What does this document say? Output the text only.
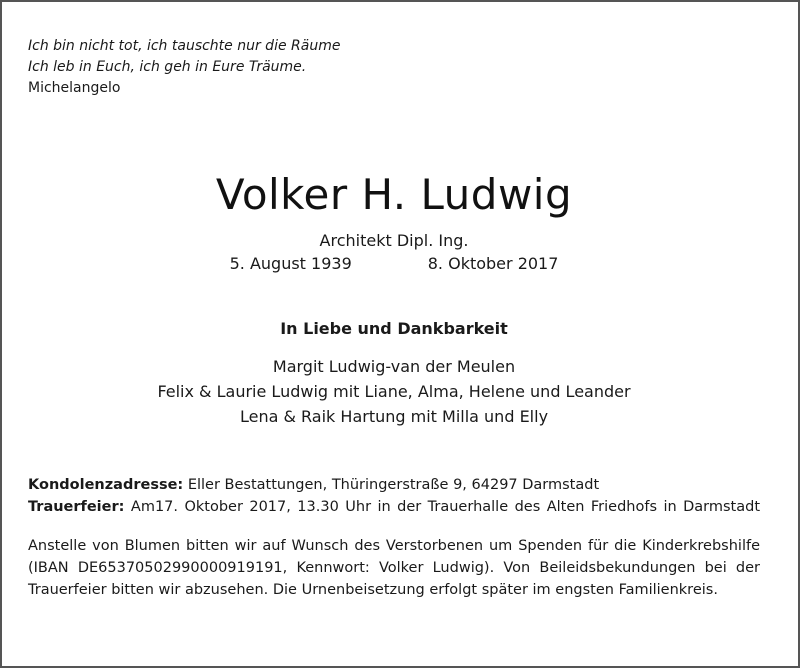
Ich bin nicht tot, ich tauschte nur die Räume
Ich leb in Euch, ich geh in Eure Träume.
Michelangelo
Volker H. Ludwig
Architekt Dipl. Ing.
5. August 1939	8. Oktober 2017
In Liebe und Dankbarkeit
Margit Ludwig-van der Meulen
Felix & Laurie Ludwig mit Liane, Alma, Helene und Leander
Lena & Raik Hartung mit Milla und Elly
Kondolenzadresse: Eller Bestattungen, Thüringerstraße 9, 64297 Darmstadt
Trauerfeier: Am17. Oktober 2017, 13.30 Uhr in der Trauerhalle des Alten Friedhofs in Darmstadt
Anstelle von Blumen bitten wir auf Wunsch des Verstorbenen um Spenden für die Kinderkrebshilfe
(IBAN DE65370502990000919191, Kennwort: Volker Ludwig). Von Beileidsbekundungen bei der
Trauerfeier bitten wir abzusehen. Die Urnenbeisetzung erfolgt später im engsten Familienkreis.
